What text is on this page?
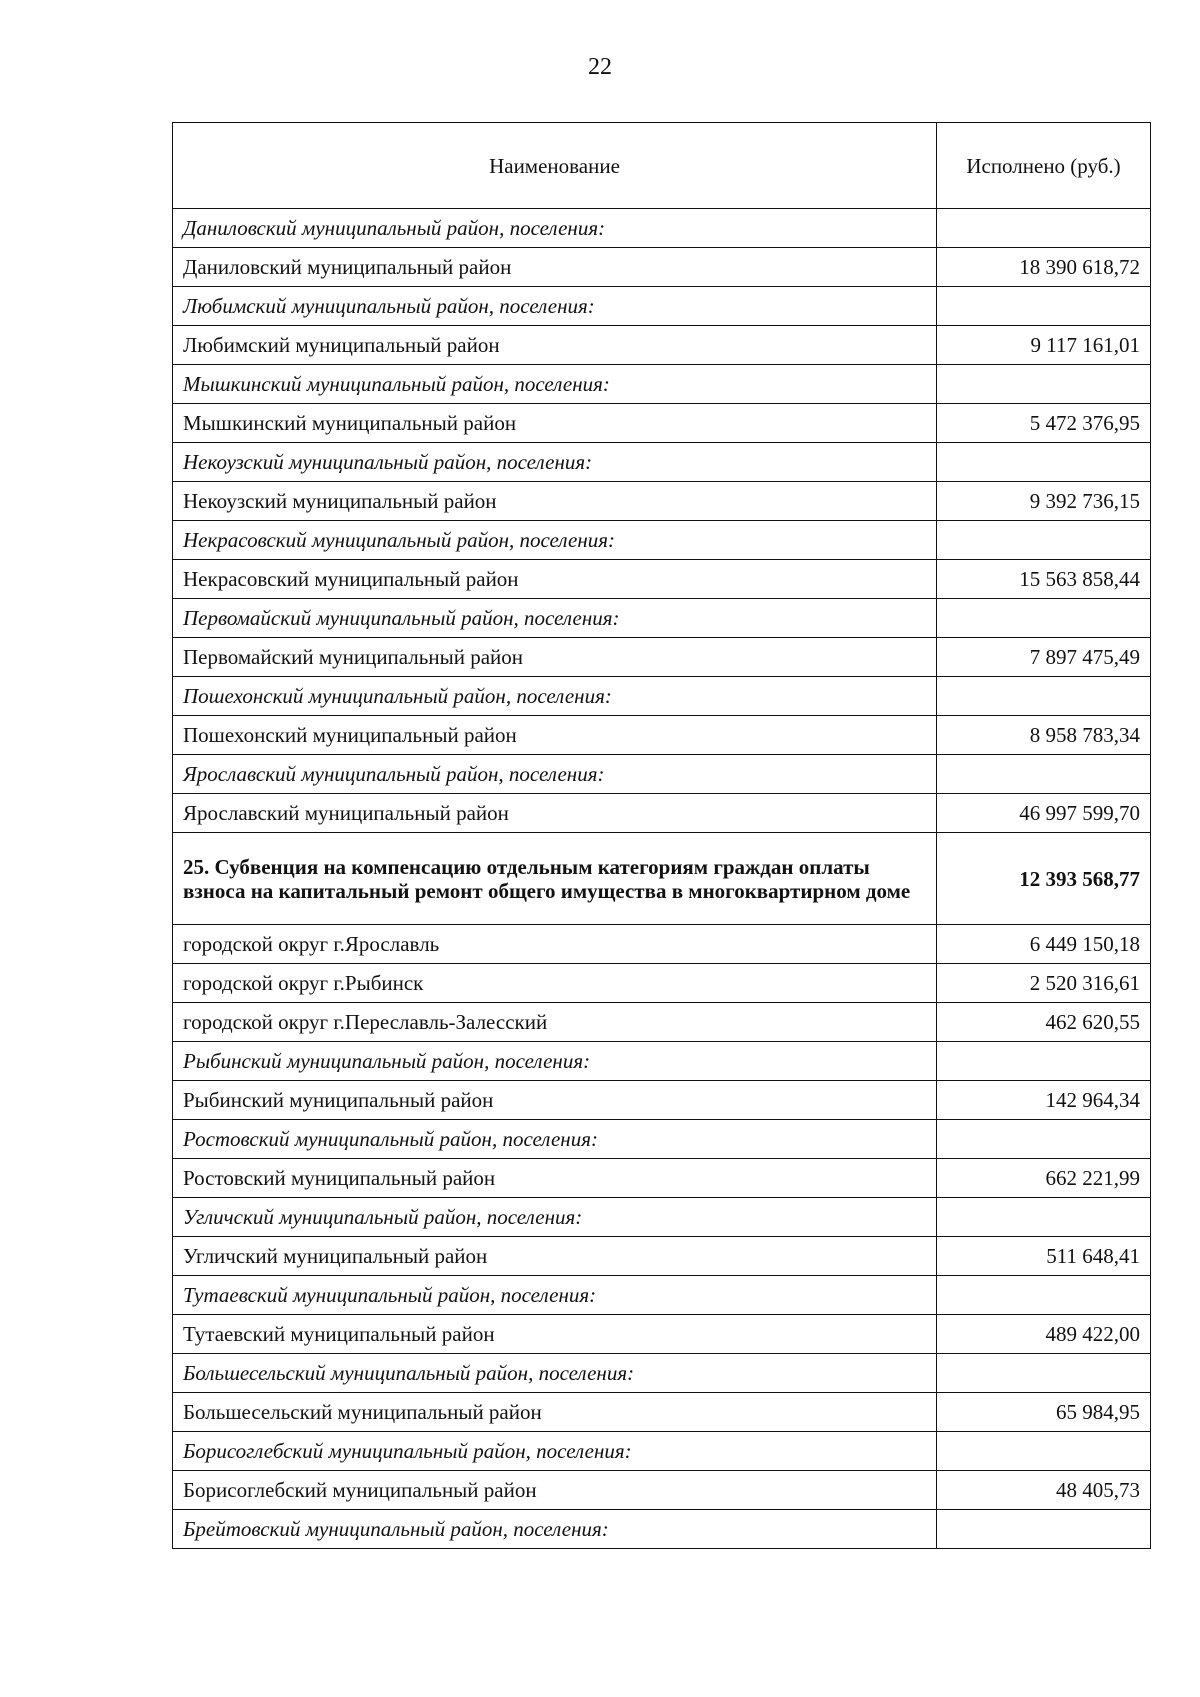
22
Наименование	Исполнено (руб.)
Даниловский муниципальный район, поселения:	
Даниловский муниципальный район	18 390 618,72
Любимский муниципальный район, поселения:	
Любимский муниципальный район	9 117 161,01
Мышкинский муниципальный район, поселения:	
Мышкинский муниципальный район	5 472 376,95
Некоузский муниципальный район, поселения:	
Некоузский муниципальный район	9 392 736,15
Некрасовский муниципальный район, поселения:	
Некрасовский муниципальный район	15 563 858,44
Первомайский муниципальный район, поселения:	
Первомайский муниципальный район	7 897 475,49
Пошехонский муниципальный район, поселения:	
Пошехонский муниципальный район	8 958 783,34
Ярославский муниципальный район, поселения:	
Ярославский муниципальный район	46 997 599,70
25. Субвенция на компенсацию отдельным категориям граждан оплаты взноса на капитальный ремонт общего имущества в многоквартирном доме	12 393 568,77
городской округ г.Ярославль	6 449 150,18
городской округ г.Рыбинск	2 520 316,61
городской округ г.Переславль-Залесский	462 620,55
Рыбинский муниципальный район, поселения:	
Рыбинский муниципальный район	142 964,34
Ростовский муниципальный район, поселения:	
Ростовский муниципальный район	662 221,99
Угличский муниципальный район, поселения:	
Угличский муниципальный район	511 648,41
Тутаевский муниципальный район, поселения:	
Тутаевский муниципальный район	489 422,00
Большесельский муниципальный район, поселения:	
Большесельский муниципальный район	65 984,95
Борисоглебский муниципальный район, поселения:	
Борисоглебский муниципальный район	48 405,73
Брейтовский муниципальный район, поселения:	
